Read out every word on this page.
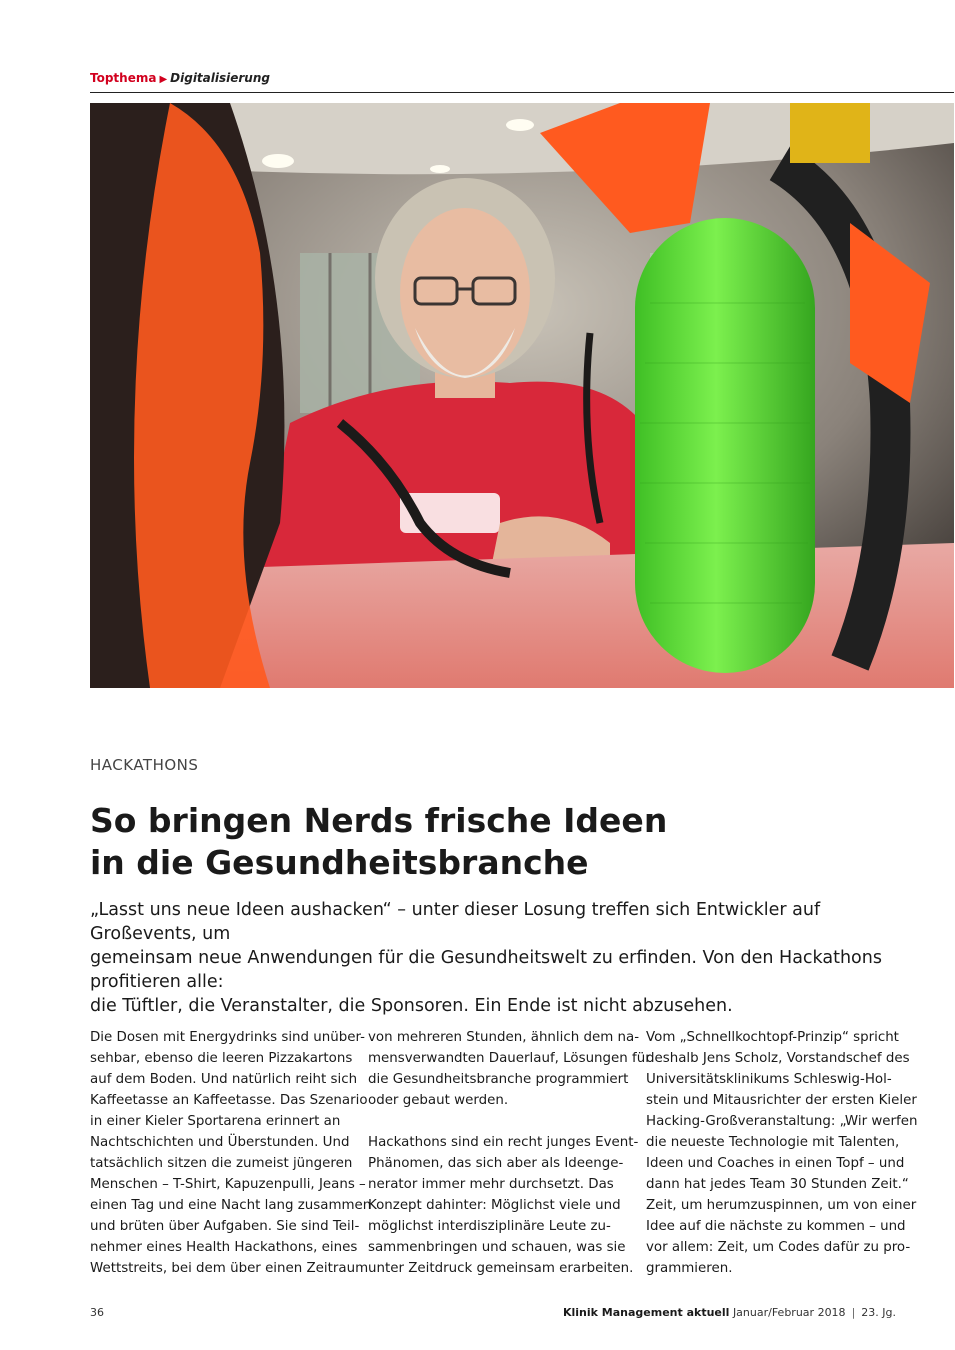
Topthema ▶ Digitalisierung
HACKATHONS
So bringen Nerds frische Ideen
in die Gesundheitsbranche

„Lasst uns neue Ideen aushacken“ – unter dieser Losung treffen sich Entwickler auf Großevents, um
gemeinsam neue Anwendungen für die Gesundheitswelt zu erfinden. Von den Hackathons profitieren alle:
die Tüftler, die Veranstalter, die Sponsoren. Ein Ende ist nicht abzusehen.

Die Dosen mit Energydrinks sind unüber-
sehbar, ebenso die leeren Pizzakartons
auf dem Boden. Und natürlich reiht sich
Kaffeetasse an Kaffeetasse. Das Szenario
in einer Kieler Sportarena erinnert an
Nachtschichten und Überstunden. Und
tatsächlich sitzen die zumeist jüngeren
Menschen – T-Shirt, Kapuzenpulli, Jeans –
einen Tag und eine Nacht lang zusammen
und brüten über Aufgaben. Sie sind Teil-
nehmer eines Health Hackathons, eines
Wettstreits, bei dem über einen Zeitraum
von mehreren Stunden, ähnlich dem na-
mensverwandten Dauerlauf, Lösungen für
die Gesundheitsbranche programmiert
oder gebaut werden.
Hackathons sind ein recht junges Event-
Phänomen, das sich aber als Ideenge-
nerator immer mehr durchsetzt. Das
Konzept dahinter: Möglichst viele und
möglichst interdisziplinäre Leute zu-
sammenbringen und schauen, was sie
unter Zeitdruck gemeinsam erarbeiten.
Vom „Schnellkochtopf-Prinzip“ spricht
deshalb Jens Scholz, Vorstandschef des
Universitätsklinikums Schleswig-Hol-
stein und Mitausrichter der ersten Kieler
Hacking-Großveranstaltung: „Wir werfen
die neueste Technologie mit Talenten,
Ideen und Coaches in einen Topf – und
dann hat jedes Team 30 Stunden Zeit.“
Zeit, um herumzuspinnen, um von einer
Idee auf die nächste zu kommen – und
vor allem: Zeit, um Codes dafür zu pro-
grammieren.
36	Klinik Management aktuell Januar/Februar 2018 | 23. Jg.
